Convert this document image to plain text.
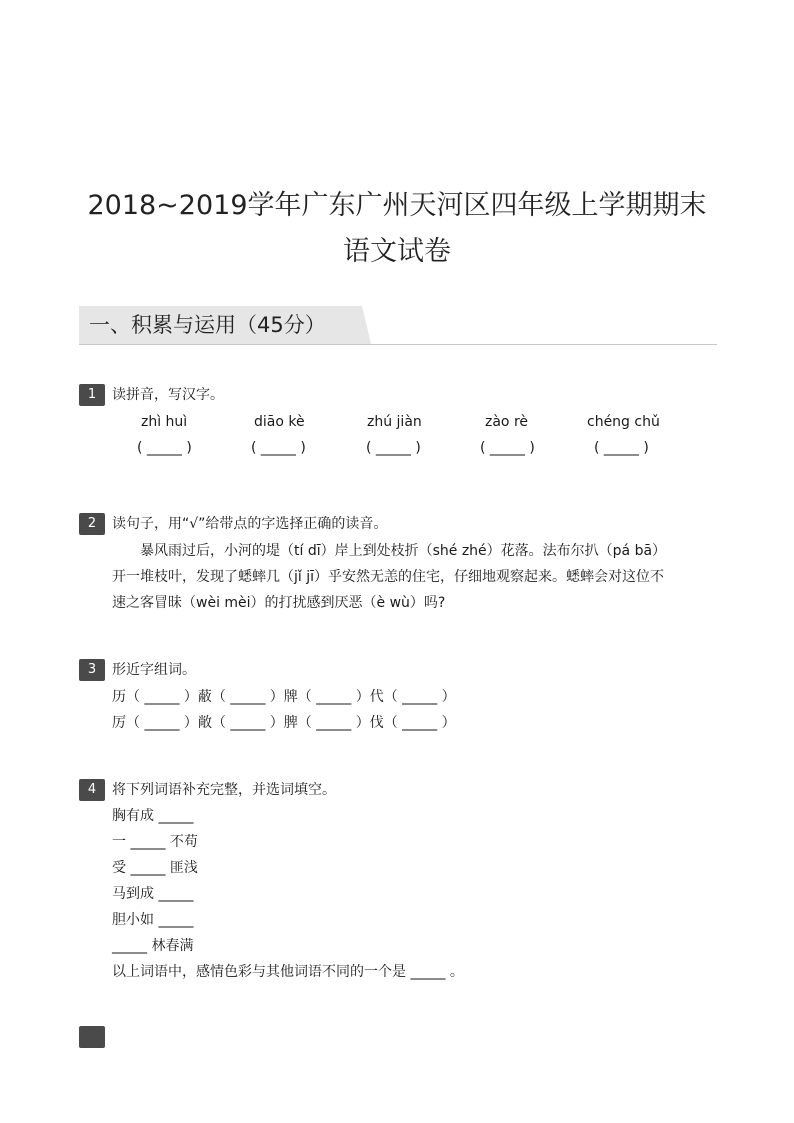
2018~2019学年广东广州天河区四年级上学期期末
语文试卷
一、积累与运用（45分）
1	读拼音，写汉字。
zhì huì	diāo kè	zhú jiàn	zào rè	chéng chǔ
( _____ )	( _____ )	( _____ )	( _____ )	( _____ )
2	读句子，用“√”给带点的字选择正确的读音。
暴风雨过后，小河的堤（tí dī）岸上到处枝折（shé zhé）花落。法布尔扒（pá bā）
开一堆枝叶，发现了蟋蟀几（jǐ jī）乎安然无恙的住宅，仔细地观察起来。蟋蟀会对这位不
速之客冒昧（wèi mèi）的打扰感到厌恶（è wù）吗?
3	形近字组词。
历（ _____ ）蔽（ _____ ）牌（ _____ ）代（ _____ ）
厉（ _____ ）敞（ _____ ）脾（ _____ ）伐（ _____ ）
4	将下列词语补充完整，并选词填空。
胸有成 _____
一 _____ 不苟
受 _____ 匪浅
马到成 _____
胆小如 _____
_____ 林春满
以上词语中，感情色彩与其他词语不同的一个是 _____ 。
